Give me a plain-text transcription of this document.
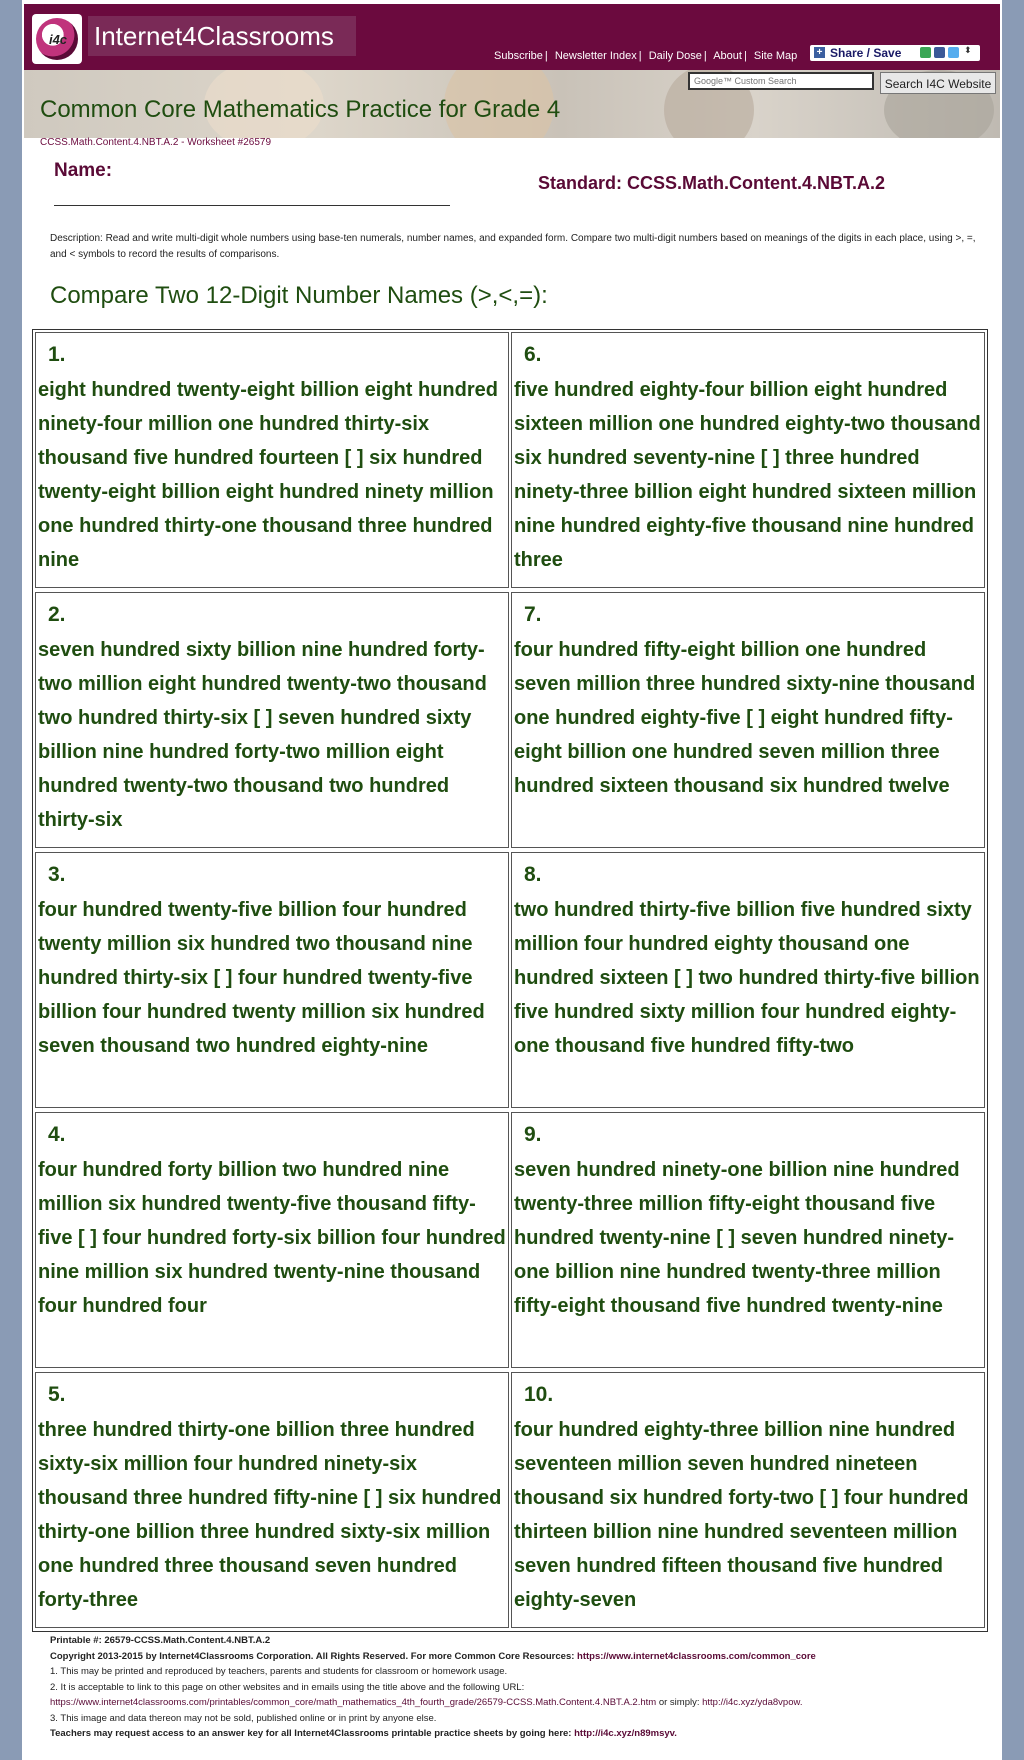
i4c	Internet4Classrooms
Subscribe | Newsletter Index | Daily Dose | About | Site Map + Share / Save	⬍
Google™ Custom Search
Search I4C Website
Common Core Mathematics Practice for Grade 4
CCSS.Math.Content.4.NBT.A.2 - Worksheet #26579
Name:
Standard: CCSS.Math.Content.4.NBT.A.2
Description: Read and write multi-digit whole numbers using base-ten numerals, number names, and expanded form. Compare two multi-digit numbers based on meanings of the digits in each place, using >, =, and < symbols to record the results of comparisons.
Compare Two 12-Digit Number Names (>,<,=):
1.
eight hundred twenty-eight billion eight hundred ninety-four million one hundred thirty-six thousand five hundred fourteen [ ] six hundred twenty-eight billion eight hundred ninety million one hundred thirty-one thousand three hundred nine
6.
five hundred eighty-four billion eight hundred sixteen million one hundred eighty-two thousand six hundred seventy-nine [ ] three hundred ninety-three billion eight hundred sixteen million nine hundred eighty-five thousand nine hundred three
2.
seven hundred sixty billion nine hundred forty-two million eight hundred twenty-two thousand two hundred thirty-six [ ] seven hundred sixty billion nine hundred forty-two million eight hundred twenty-two thousand two hundred thirty-six
7.
four hundred fifty-eight billion one hundred seven million three hundred sixty-nine thousand one hundred eighty-five [ ] eight hundred fifty-eight billion one hundred seven million three hundred sixteen thousand six hundred twelve
3.
four hundred twenty-five billion four hundred twenty million six hundred two thousand nine hundred thirty-six [ ] four hundred twenty-five billion four hundred twenty million six hundred seven thousand two hundred eighty-nine
8.
two hundred thirty-five billion five hundred sixty million four hundred eighty thousand one hundred sixteen [ ] two hundred thirty-five billion five hundred sixty million four hundred eighty-one thousand five hundred fifty-two
4.
four hundred forty billion two hundred nine million six hundred twenty-five thousand fifty-five [ ] four hundred forty-six billion four hundred nine million six hundred twenty-nine thousand four hundred four
9.
seven hundred ninety-one billion nine hundred twenty-three million fifty-eight thousand five hundred twenty-nine [ ] seven hundred ninety-one billion nine hundred twenty-three million fifty-eight thousand five hundred twenty-nine
5.
three hundred thirty-one billion three hundred sixty-six million four hundred ninety-six thousand three hundred fifty-nine [ ] six hundred thirty-one billion three hundred sixty-six million one hundred three thousand seven hundred forty-three
10.
four hundred eighty-three billion nine hundred seventeen million seven hundred nineteen thousand six hundred forty-two [ ] four hundred thirteen billion nine hundred seventeen million seven hundred fifteen thousand five hundred eighty-seven
Printable #: 26579-CCSS.Math.Content.4.NBT.A.2
Copyright 2013-2015 by Internet4Classrooms Corporation. All Rights Reserved. For more Common Core Resources: https://www.internet4classrooms.com/common_core
1. This may be printed and reproduced by teachers, parents and students for classroom or homework usage.
2. It is acceptable to link to this page on other websites and in emails using the title above and the following URL:
https://www.internet4classrooms.com/printables/common_core/math_mathematics_4th_fourth_grade/26579-CCSS.Math.Content.4.NBT.A.2.htm or simply: http://i4c.xyz/yda8vpow.
3. This image and data thereon may not be sold, published online or in print by anyone else.
Teachers may request access to an answer key for all Internet4Classrooms printable practice sheets by going here: http://i4c.xyz/n89msyv.
